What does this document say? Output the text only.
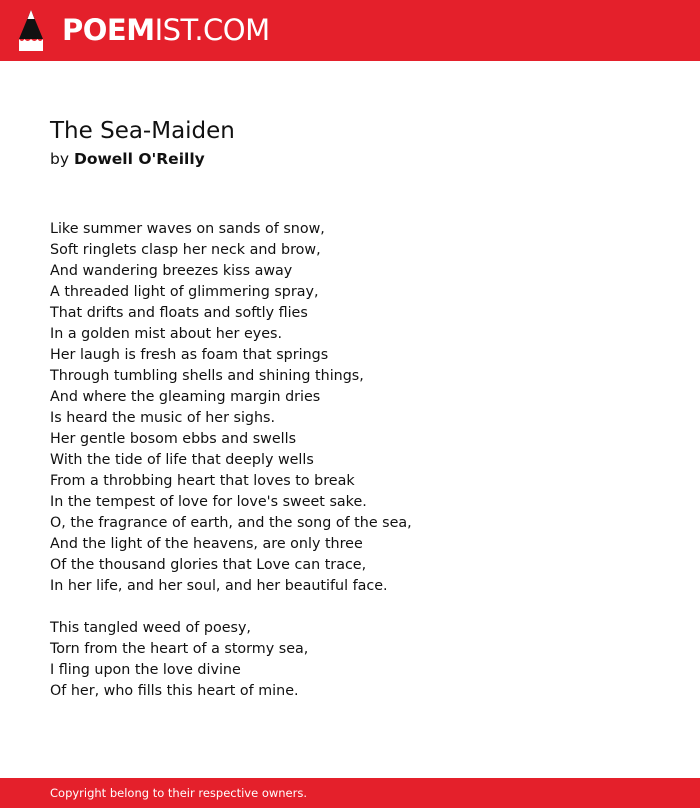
POEMIST.COM
The Sea-Maiden
by Dowell O'Reilly
Like summer waves on sands of snow,
Soft ringlets clasp her neck and brow,
And wandering breezes kiss away
A threaded light of glimmering spray,
That drifts and floats and softly flies
In a golden mist about her eyes.
Her laugh is fresh as foam that springs
Through tumbling shells and shining things,
And where the gleaming margin dries
Is heard the music of her sighs.
Her gentle bosom ebbs and swells
With the tide of life that deeply wells
From a throbbing heart that loves to break
In the tempest of love for love's sweet sake.
O, the fragrance of earth, and the song of the sea,
And the light of the heavens, are only three
Of the thousand glories that Love can trace,
In her life, and her soul, and her beautiful face.
This tangled weed of poesy,
Torn from the heart of a stormy sea,
I fling upon the love divine
Of her, who fills this heart of mine.
Copyright belong to their respective owners.
